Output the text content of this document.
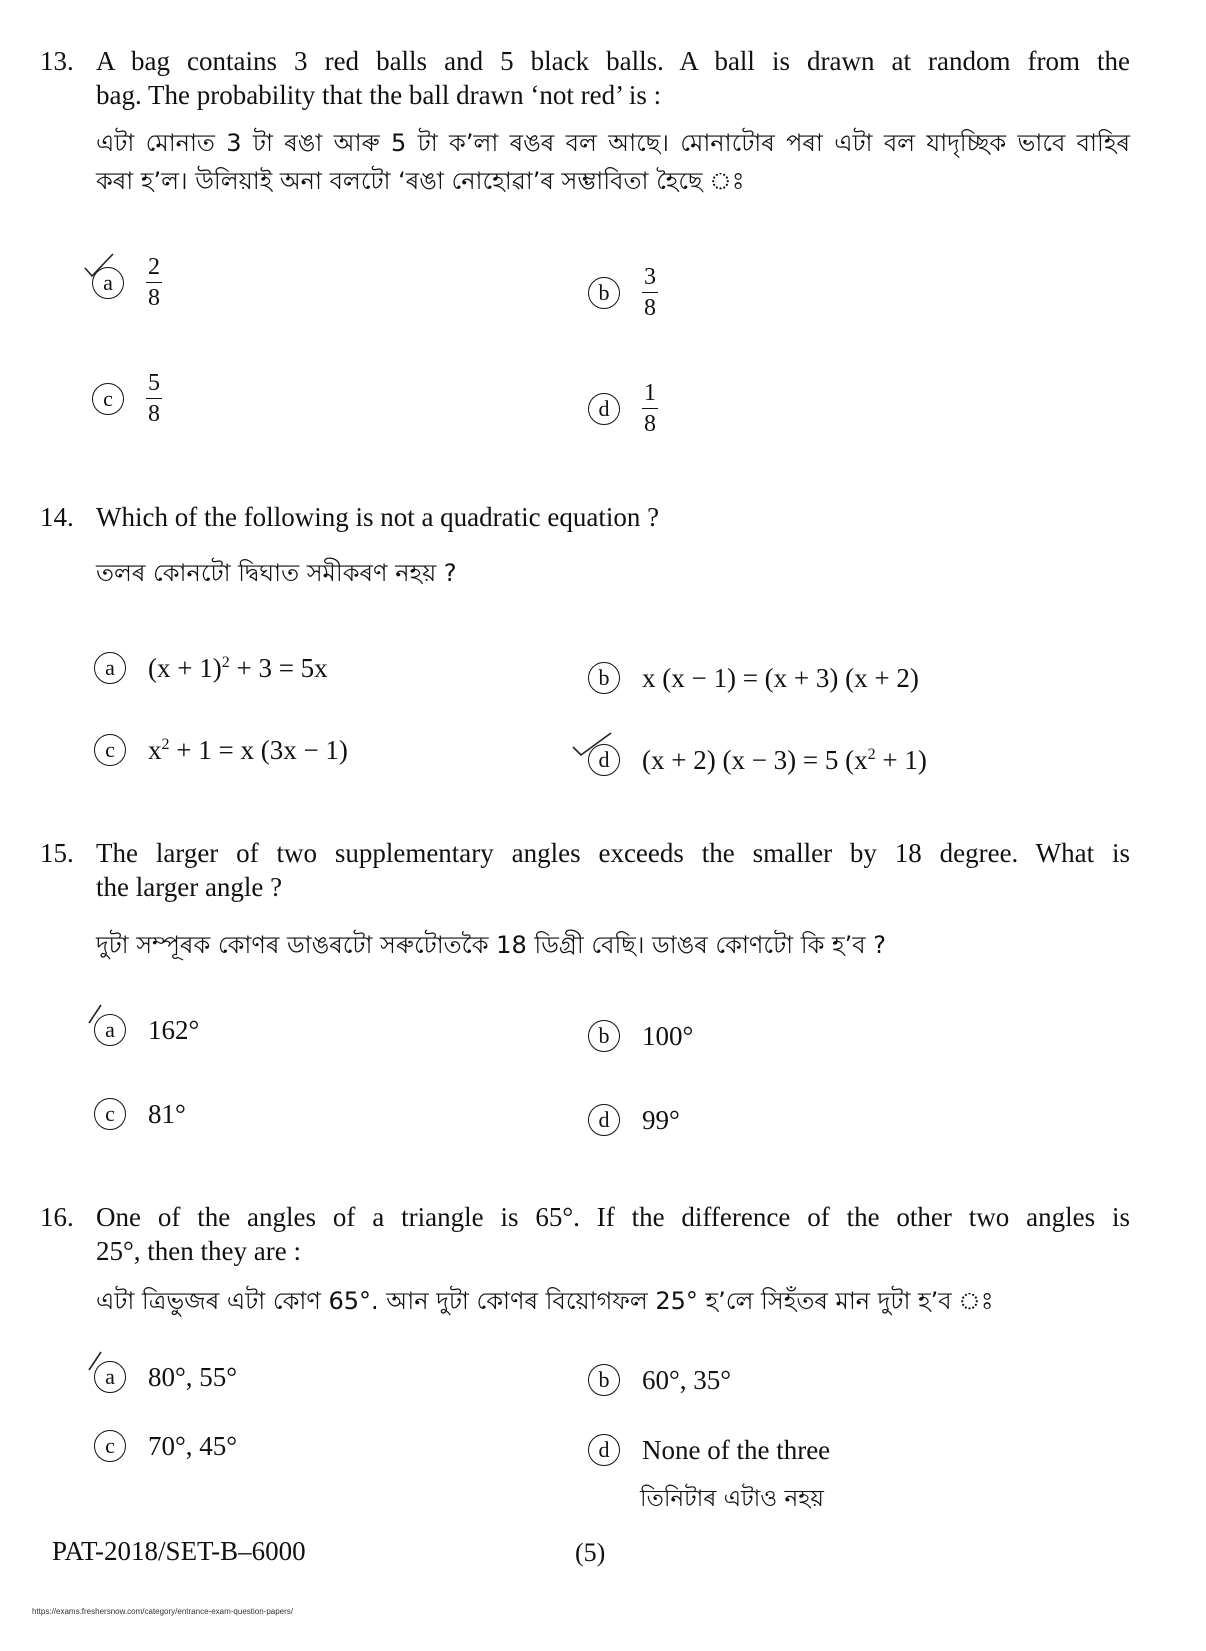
13. A bag contains 3 red balls and 5 black balls. A ball is drawn at random from the
bag. The probability that the ball drawn ‘not red’ is :
এটা মোনাত 3 টা ৰঙা আৰু 5 টা ক’লা ৰঙৰ বল আছে। মোনাটোৰ পৰা এটা বল যাদৃচ্ছিক ভাবে বাহিৰ
কৰা হ’ল। উলিয়াই অনা বলটো ‘ৰঙা নোহোৱা’ৰ সম্ভাবিতা হৈছে ঃ
a $\frac{2}{8}$	b $\frac{3}{8}$
c $\frac{5}{8}$	d $\frac{1}{8}$
14. Which of the following is not a quadratic equation ?
তলৰ কোনটো দ্বিঘাত সমীকৰণ নহয় ?
a $(x + 1)^2 + 3 = 5x$	b x (x − 1) = (x + 3) (x + 2)
c $x^2 + 1 = x$ (3x − 1)	d (x + 2) (x − 3) = 5 $(x^2 + 1)$
15. The larger of two supplementary angles exceeds the smaller by 18 degree. What is
the larger angle ?
দুটা সম্পূৰক কোণৰ ডাঙৰটো সৰুটোতকৈ 18 ডিগ্ৰী বেছি। ডাঙৰ কোণটো কি হ’ব ?
a 162°	b 100°
c 81°	d 99°
16. One of the angles of a triangle is 65°. If the difference of the other two angles is
25°, then they are :
এটা ত্ৰিভুজৰ এটা কোণ 65°. আন দুটা কোণৰ বিয়োগফল 25° হ’লে সিহঁতৰ মান দুটা হ’ব ঃ
a 80°, 55°	b 60°, 35°
c 70°, 45°	d None of the three
তিনিটাৰ এটাও নহয়
PAT-2018/SET-B–6000	(5)
https://exams.freshersnow.com/category/entrance-exam-question-papers/
